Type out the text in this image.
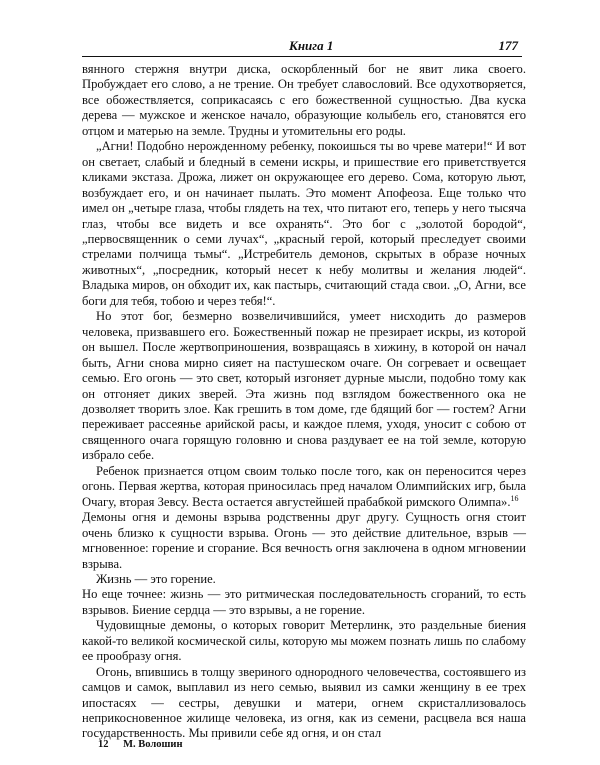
Книга 1	177

вянного стержня внутри диска, оскорбленный бог не явит лика своего. Пробуждает его слово, а не трение. Он требует славословий. Все одухотворяется, все обожествляется, соприкасаясь с его божественной сущностью. Два куска дерева — мужское и женское начало, образующие колыбель его, становятся его отцом и матерью на земле. Трудны и утомительны его роды.

„Агни! Подобно нерожденному ребенку, покоишься ты во чреве матери!“ И вот он светает, слабый и бледный в семени искры, и пришествие его приветствуется кликами экстаза. Дрожа, лижет он окружающее его дерево. Сома, которую льют, возбуждает его, и он начинает пылать. Это момент Апофеоза. Еще только что имел он „четыре глаза, чтобы глядеть на тех, что питают его, теперь у него тысяча глаз, чтобы все видеть и все охранять“. Это бог с „золотой бородой“, „первосвященник о семи лучах“, „красный герой, который преследует своими стрелами полчища тьмы“. „Истребитель демонов, скрытых в образе ночных животных“, „посредник, который несет к небу молитвы и желания людей“. Владыка миров, он обходит их, как пастырь, считающий стада свои. „О, Агни, все боги для тебя, тобою и через тебя!“.

Но этот бог, безмерно возвеличившийся, умеет нисходить до размеров человека, призвавшего его. Божественный пожар не презирает искры, из которой он вышел. После жертвоприношения, возвращаясь в хижину, в которой он начал быть, Агни снова мирно сияет на пастушеском очаге. Он согревает и освещает семью. Его огонь — это свет, который изгоняет дурные мысли, подобно тому как он отгоняет диких зверей. Эта жизнь под взглядом божественного ока не дозволяет творить злое. Как грешить в том доме, где бдящий бог — гостем? Агни переживает рассеянье арийской расы, и каждое племя, уходя, уносит с собою от священного очага горящую головню и снова раздувает ее на той земле, которую избрало себе.

Ребенок признается отцом своим только после того, как он переносится через огонь. Первая жертва, которая приносилась пред началом Олимпийских игр, была Очагу, вторая Зевсу. Веста остается августейшей прабабкой римского Олимпа».$^{16}$

Демоны огня и демоны взрыва родственны друг другу. Сущность огня стоит очень близко к сущности взрыва. Огонь — это действие длительное, взрыв — мгновенное: горение и сгорание. Вся вечность огня заключена в одном мгновении взрыва.

Жизнь — это горение.

Но еще точнее: жизнь — это ритмическая последовательность сгораний, то есть взрывов. Биение сердца — это взрывы, а не горение.

Чудовищные демоны, о которых говорит Метерлинк, это раздельные биения какой-то великой космической силы, которую мы можем познать лишь по слабому ее прообразу огня.

Огонь, впившись в толщу звериного однородного человечества, состоявшего из самцов и самок, выплавил из него семью, выявил из самки женщину в ее трех ипостасях — сестры, девушки и матери, огнем скристаллизовалось неприкосновенное жилище человека, из огня, как из семени, расцвела вся наша государственность. Мы привили себе яд огня, и он стал

12 М. Волошин
